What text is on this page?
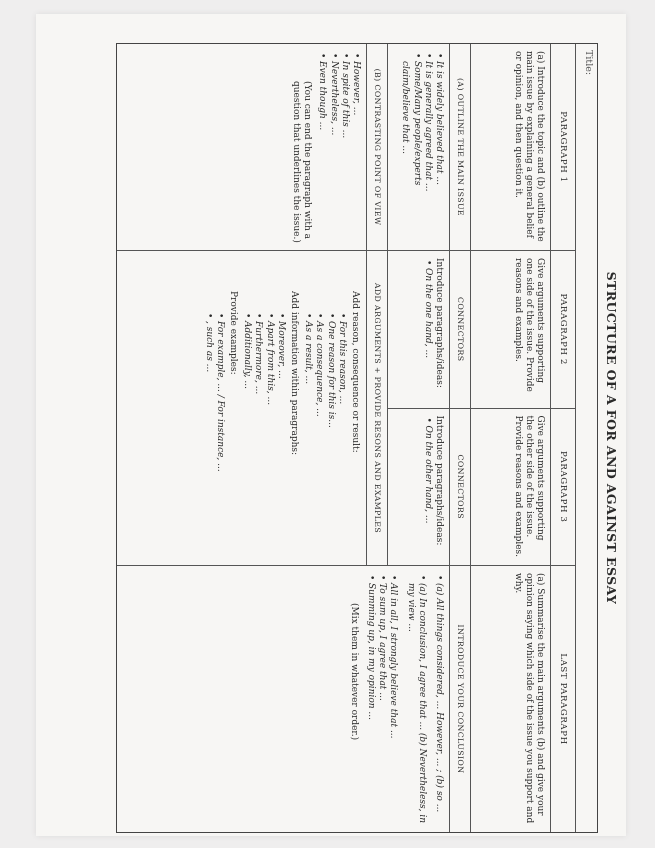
STRUCTURE OF A FOR AND AGAINST ESSAY
Title:
PARAGRAPH 1
(a) Introduce the topic and (b) outline the main issue by explaining a general belief or opinion, and then question it.
(A) OUTLINE THE MAIN ISSUE
• It is widely believed that ...
• It is generally agreed that ...
• Some/Many people/experts claim/believe that ...
(B) CONTRASTING POINT OF VIEW
• However, ...
• In spite of this ...
• Nevertheless, ...
• Even though ...
(You can end the paragraph with a question that underlines the issue.)
PARAGRAPH 2
Give arguments supporting one side of the issue. Provide reasons and examples.
CONNECTORS
Introduce paragraphs/ideas:
• On the one hand, ...
PARAGRAPH 3
Give arguments supporting the other side of the issue. Provide reasons and examples.
CONNECTORS
Introduce paragraphs/ideas:
• On the other hand, ...
ADD ARGUMENTS + PROVIDE RESONS AND EXAMPLES

Add reason, consequence or result:

• For this reason, ...
• One reason for this is...
• As a consequence, ...
• As a result, ...

Add information within paragraphs:

• Moreover, ...
• Apart from this, ...
• Furthermore, ...
• Additionally, ...

Provide examples:

• For example, ... / For instance, ...
• , such as ...
LAST PARAGRAPH
(a) Summarise the main arguments (b) and give your opinion saying which side of the issue you support and why.
INTRODUCE YOUR CONCLUSION
• (a) All things considered, ... However, ... ; (b) so ...
• (a) In conclusion, I agree that ... (b) Nevertheless, in my view ...
• All in all, I strongly believe that ...
• To sum up, I agree that ...
• Summing up, in my opinion ...
(Mix them in whatever order.)
